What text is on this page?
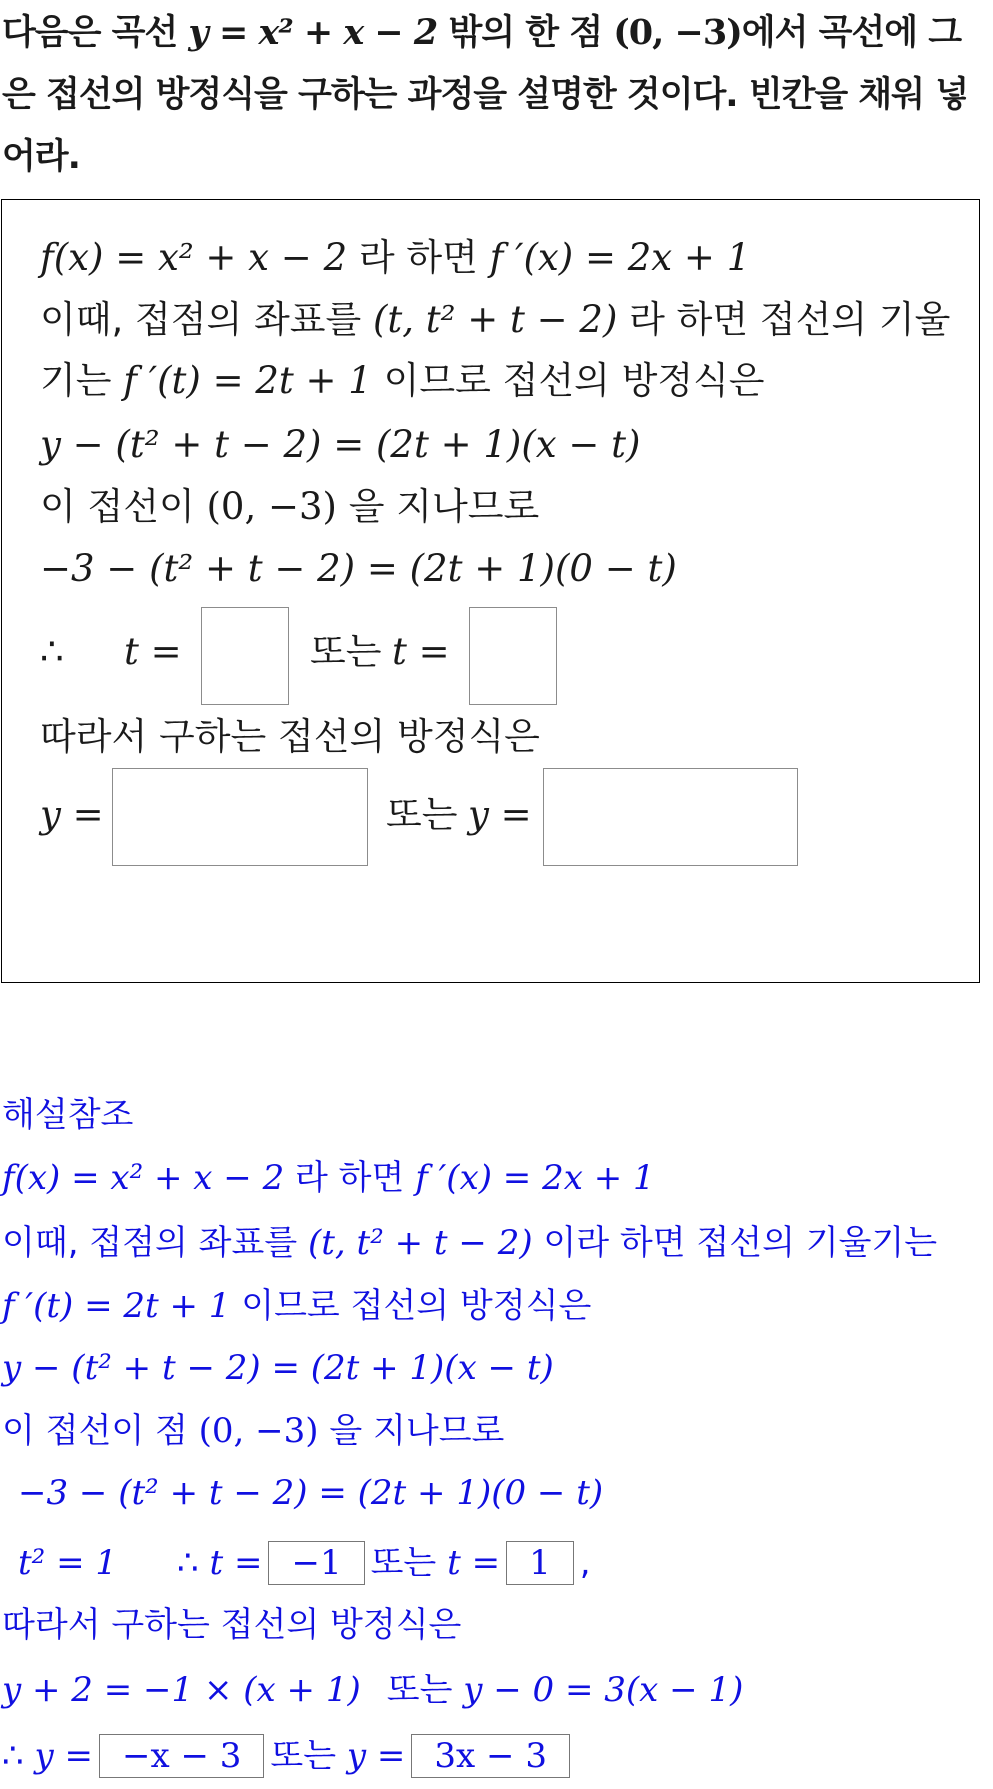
다음은 곡선 y = x² + x − 2 밖의 한 점 (0, −3)에서 곡선에 그은 접선의 방정식을 구하는 과정을 설명한 것이다. 빈칸을 채워 넣어라.
f(x) = x² + x − 2 라 하면 f ′(x) = 2x + 1
이때, 접점의 좌표를 (t, t² + t − 2) 라 하면 접선의 기울
기는 f ′(t) = 2t + 1 이므로 접선의 방정식은
y − (t² + t − 2) = (2t + 1)(x − t)
이 접선이 (0, −3) 을 지나므로
−3 − (t² + t − 2) = (2t + 1)(0 − t)
∴ t =	또는 t =
따라서 구하는 접선의 방정식은
y =	또는 y =
해설참조
f(x) = x² + x − 2 라 하면 f ′(x) = 2x + 1
이때, 접점의 좌표를 (t, t² + t − 2) 이라 하면 접선의 기울기는
f ′(t) = 2t + 1 이므로 접선의 방정식은
y − (t² + t − 2) = (2t + 1)(x − t)
이 접선이 점 (0, −3) 을 지나므로
−3 − (t² + t − 2) = (2t + 1)(0 − t)
t² = 1 ∴ t = −1 또는 t = 1 ,
따라서 구하는 접선의 방정식은
y + 2 = −1 × (x + 1) 또는 y − 0 = 3(x − 1)
∴ y = −x − 3 또는 y = 3x − 3
